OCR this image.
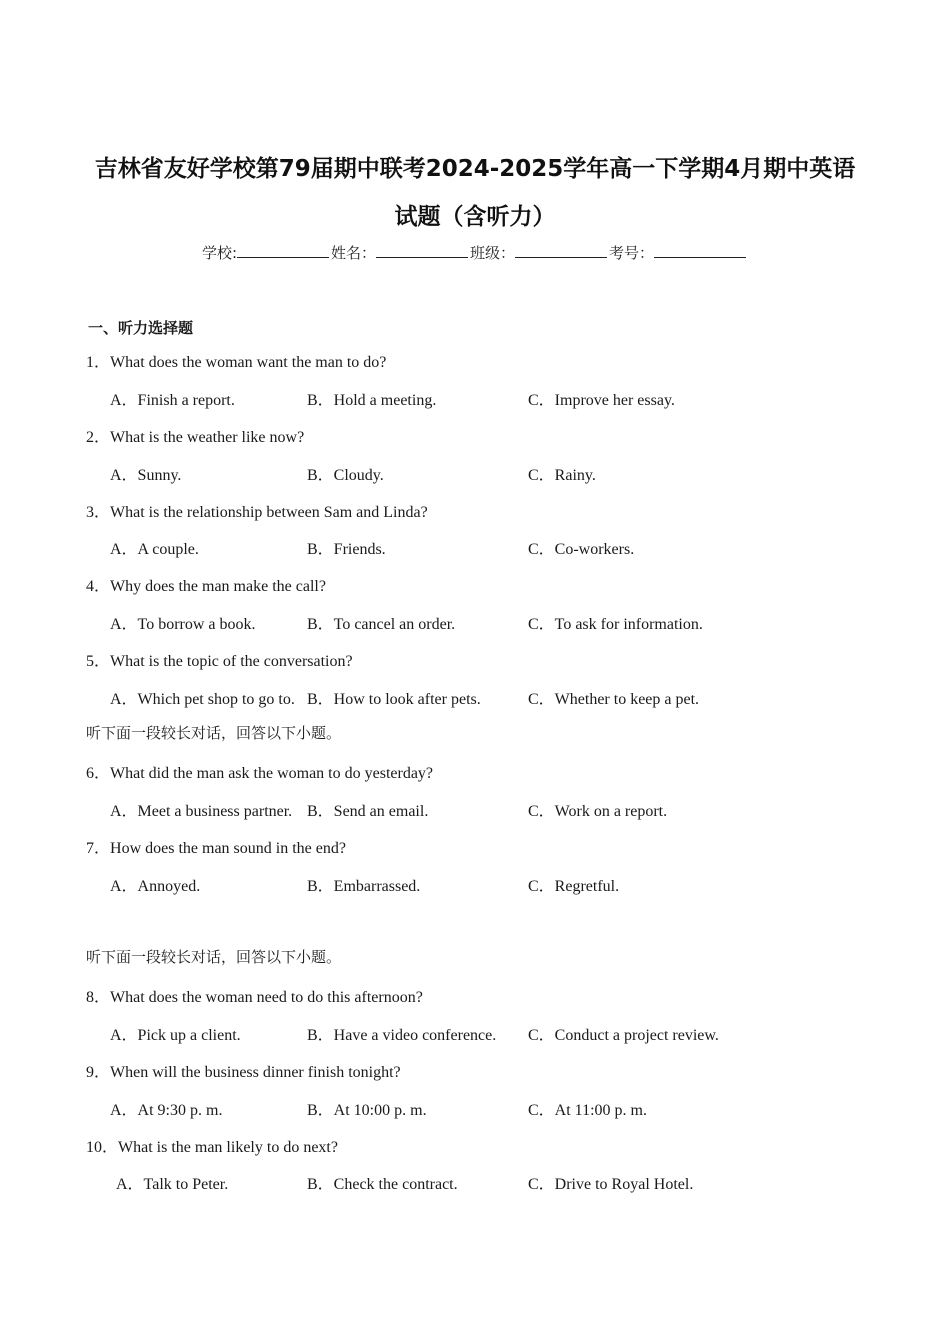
吉林省友好学校第79届期中联考2024-2025学年高一下学期4月期中英语
试题（含听力）
学校:	姓名：	班级：	考号：
一、听力选择题
1．What does the woman want the man to do?
A．Finish a report.	B．Hold a meeting.	C．Improve her essay.
2．What is the weather like now?
A．Sunny.	B．Cloudy.	C．Rainy.
3．What is the relationship between Sam and Linda?
A．A couple.	B．Friends.	C．Co-workers.
4．Why does the man make the call?
A．To borrow a book.	B．To cancel an order.	C．To ask for information.
5．What is the topic of the conversation?
A．Which pet shop to go to. B．How to look after pets.	C．Whether to keep a pet.
听下面一段较长对话，回答以下小题。
6．What did the man ask the woman to do yesterday?
A．Meet a business partner. B．Send an email.	C．Work on a report.
7．How does the man sound in the end?
A．Annoyed.	B．Embarrassed.	C．Regretful.
听下面一段较长对话，回答以下小题。
8．What does the woman need to do this afternoon?
A．Pick up a client.	B．Have a video conference. C．Conduct a project review.
9．When will the business dinner finish tonight?
A．At 9:30 p. m.	B．At 10:00 p. m.	C．At 11:00 p. m.
10．What is the man likely to do next?
A．Talk to Peter.	B．Check the contract.	C．Drive to Royal Hotel.
